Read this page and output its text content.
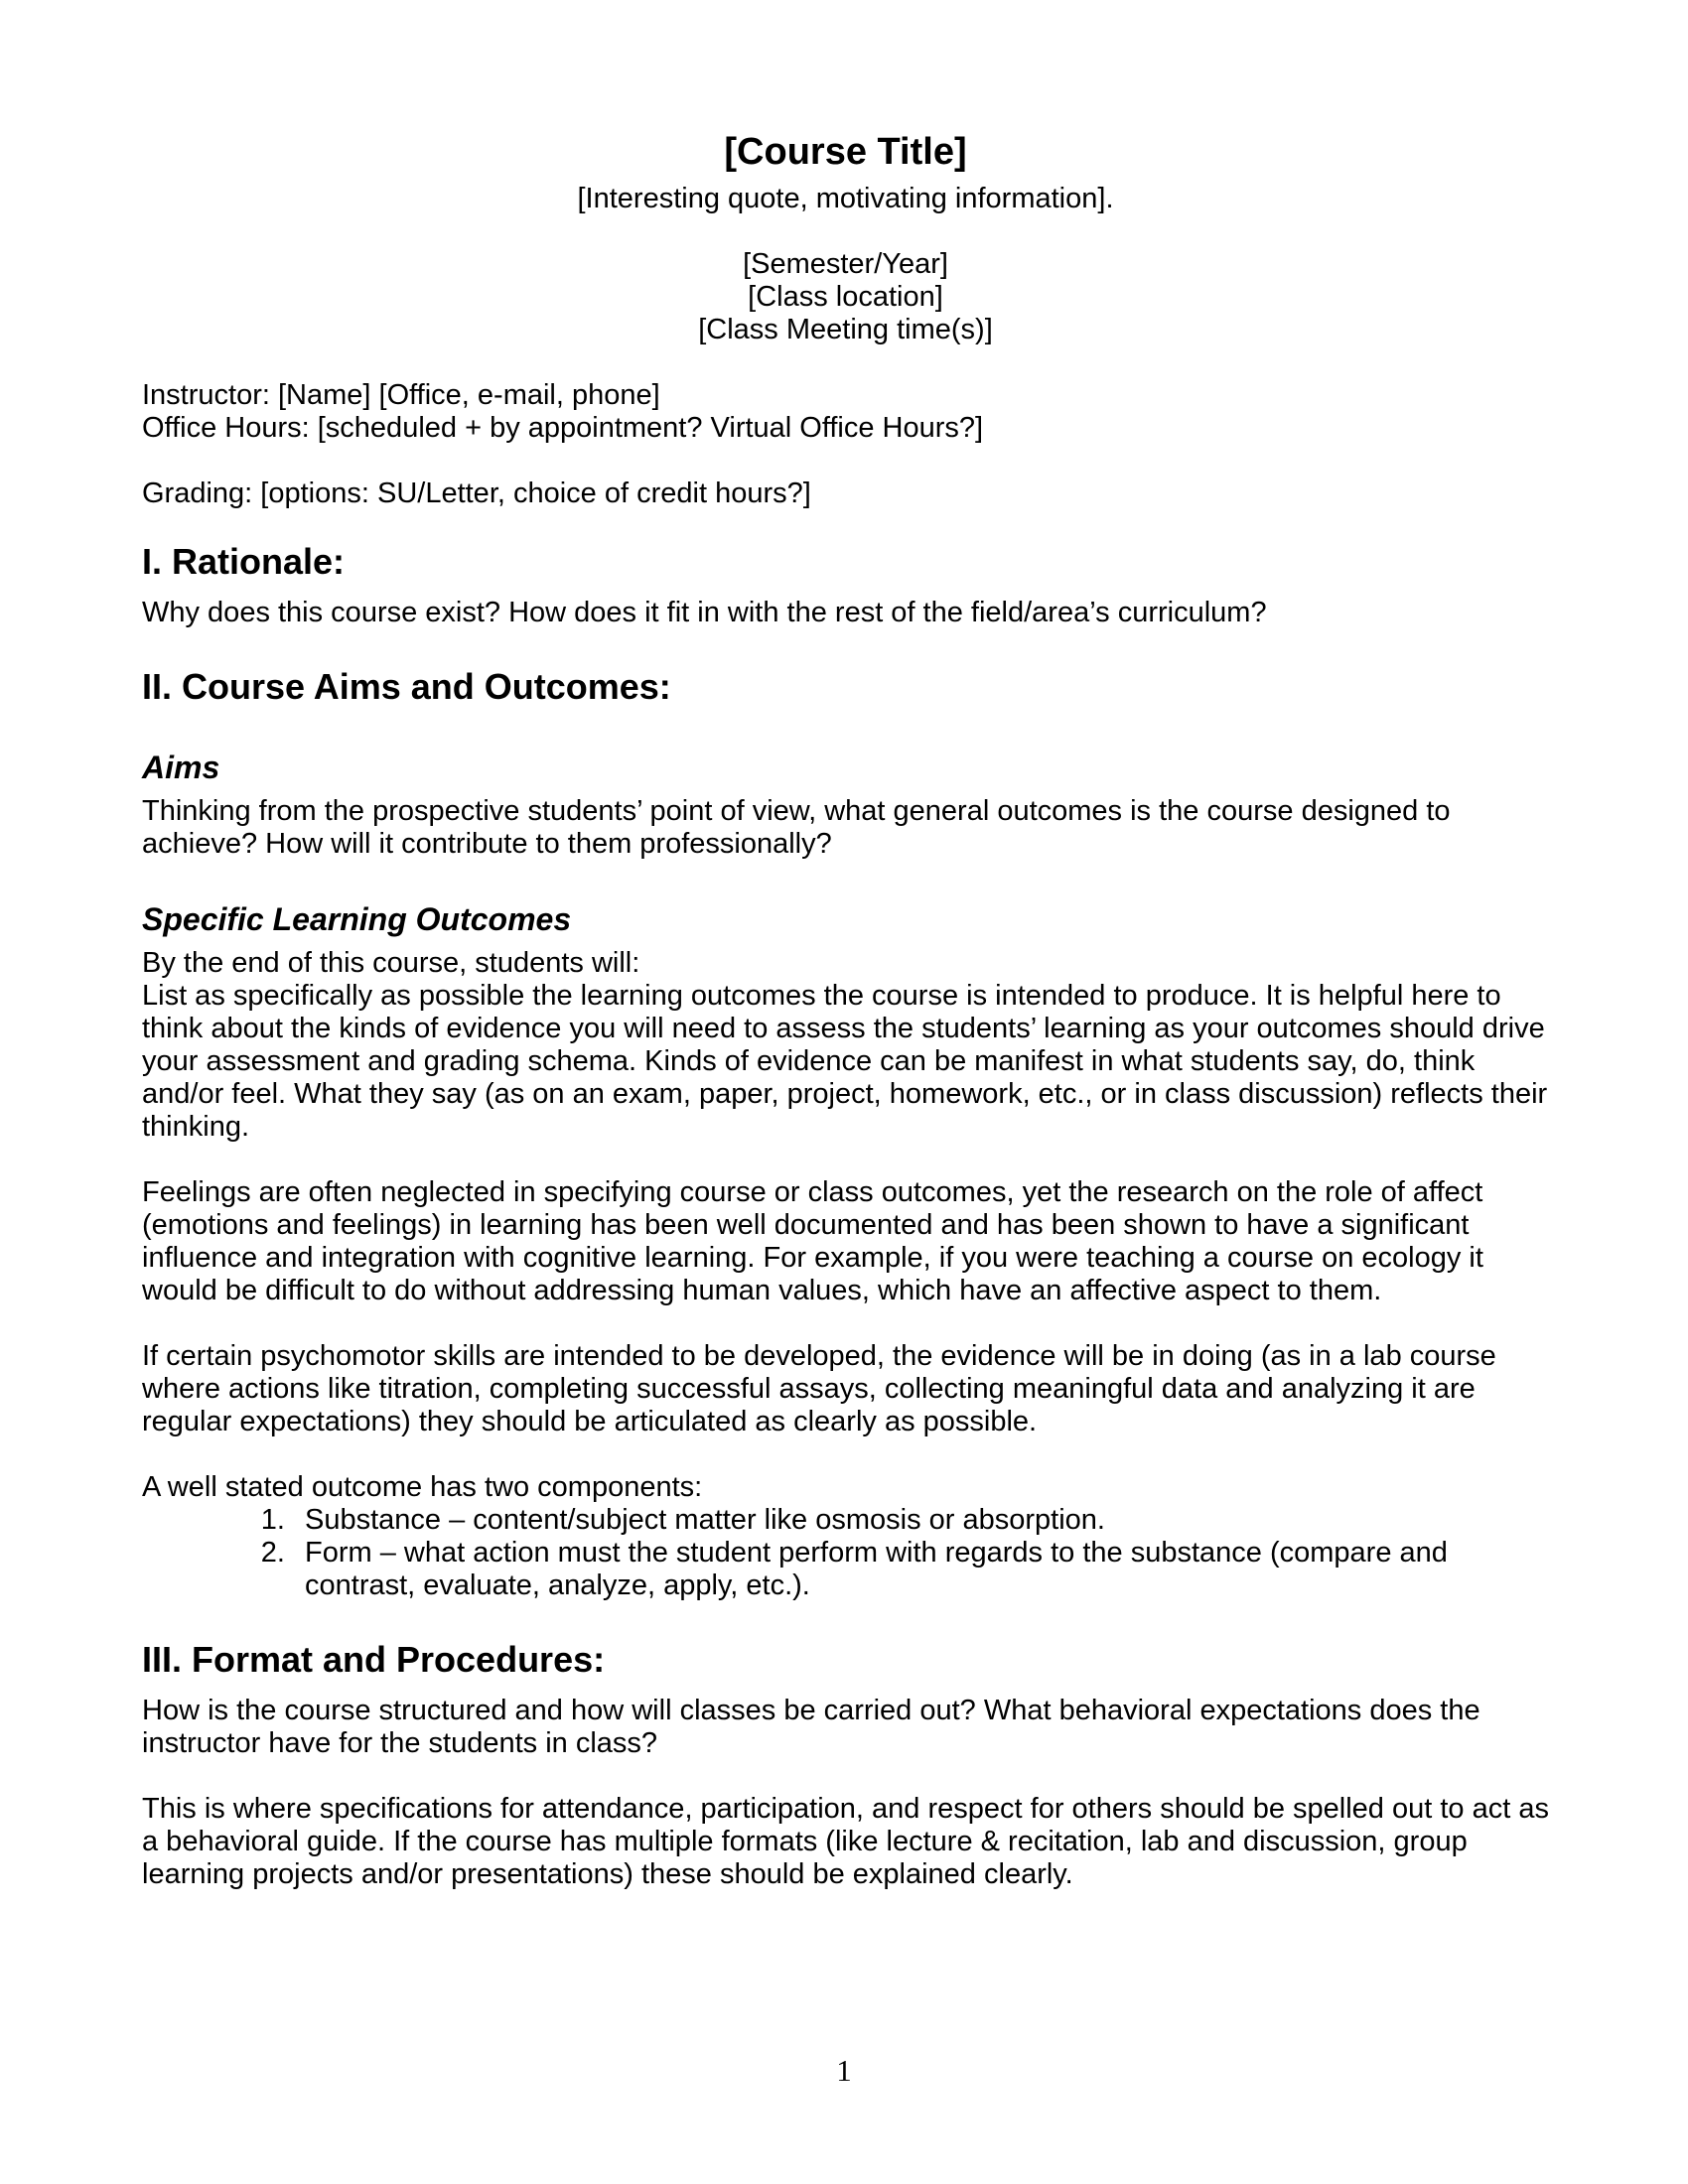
[Course Title]

[Interesting quote, motivating information].

[Semester/Year]

[Class location]

[Class Meeting time(s)]

Instructor: [Name] [Office, e-mail, phone]

Office Hours: [scheduled + by appointment? Virtual Office Hours?]

Grading: [options: SU/Letter, choice of credit hours?]

I. Rationale:

Why does this course exist? How does it fit in with the rest of the field/area’s curriculum?

II. Course Aims and Outcomes:
Aims

Thinking from the prospective students’ point of view, what general outcomes is the course designed to achieve? How will it contribute to them professionally?

Specific Learning Outcomes

By the end of this course, students will:

List as specifically as possible the learning outcomes the course is intended to produce. It is helpful here to think about the kinds of evidence you will need to assess the students’ learning as your outcomes should drive your assessment and grading schema. Kinds of evidence can be manifest in what students say, do, think and/or feel. What they say (as on an exam, paper, project, homework, etc., or in class discussion) reflects their thinking.

Feelings are often neglected in specifying course or class outcomes, yet the research on the role of affect (emotions and feelings) in learning has been well documented and has been shown to have a significant influence and integration with cognitive learning. For example, if you were teaching a course on ecology it would be difficult to do without addressing human values, which have an affective aspect to them.

If certain psychomotor skills are intended to be developed, the evidence will be in doing (as in a lab course where actions like titration, completing successful assays, collecting meaningful data and analyzing it are regular expectations) they should be articulated as clearly as possible.

A well stated outcome has two components:

1. Substance – content/subject matter like osmosis or absorption.
2. Form – what action must the student perform with regards to the substance (compare and contrast, evaluate, analyze, apply, etc.).
III. Format and Procedures:

How is the course structured and how will classes be carried out? What behavioral expectations does the instructor have for the students in class?

This is where specifications for attendance, participation, and respect for others should be spelled out to act as a behavioral guide. If the course has multiple formats (like lecture & recitation, lab and discussion, group learning projects and/or presentations) these should be explained clearly.

1
